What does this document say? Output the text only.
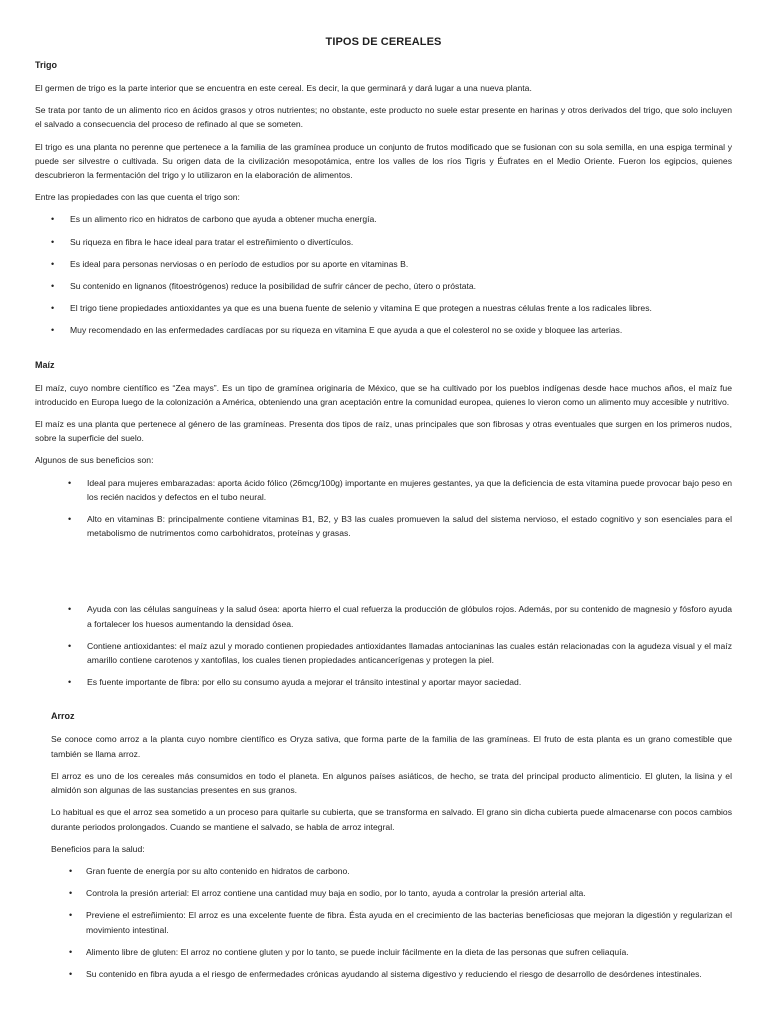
TIPOS DE CEREALES
Trigo

El germen de trigo es la parte interior que se encuentra en este cereal. Es decir, la que germinará y dará lugar a una nueva planta.

Se trata por tanto de un alimento rico en ácidos grasos y otros nutrientes; no obstante, este producto no suele estar presente en harinas y otros derivados del trigo, que solo incluyen el salvado a consecuencia del proceso de refinado al que se someten.

El trigo es una planta no perenne que pertenece a la familia de las gramínea produce un conjunto de frutos modificado que se fusionan con su sola semilla, en una espiga terminal y puede ser silvestre o cultivada. Su origen data de la civilización mesopotámica, entre los valles de los ríos Tigris y Éufrates en el Medio Oriente. Fueron los egipcios, quienes descubrieron la fermentación del trigo y lo utilizaron en la elaboración de alimentos.

Entre las propiedades con las que cuenta el trigo son:

• Es un alimento rico en hidratos de carbono que ayuda a obtener mucha energía.
• Su riqueza en fibra le hace ideal para tratar el estreñimiento o divertículos.
• Es ideal para personas nerviosas o en período de estudios por su aporte en vitaminas B.
• Su contenido en lignanos (fitoestrógenos) reduce la posibilidad de sufrir cáncer de pecho, útero o próstata.
• El trigo tiene propiedades antioxidantes ya que es una buena fuente de selenio y vitamina E que protegen a nuestras células frente a los radicales libres.
• Muy recomendado en las enfermedades cardíacas por su riqueza en vitamina E que ayuda a que el colesterol no se oxide y bloquee las arterias.
Maíz

El maíz, cuyo nombre científico es “Zea mays”. Es un tipo de gramínea originaria de México, que se ha cultivado por los pueblos indígenas desde hace muchos años, el maíz fue introducido en Europa luego de la colonización a América, obteniendo una gran aceptación entre la comunidad europea, quienes lo vieron como un alimento muy accesible y nutritivo.

El maíz es una planta que pertenece al género de las gramíneas. Presenta dos tipos de raíz, unas principales que son fibrosas y otras eventuales que surgen en los primeros nudos, sobre la superficie del suelo.

Algunos de sus beneficios son:

• Ideal para mujeres embarazadas: aporta ácido fólico (26mcg/100g) importante en mujeres gestantes, ya que la deficiencia de esta vitamina puede provocar bajo peso en los recién nacidos y defectos en el tubo neural.
• Alto en vitaminas B: principalmente contiene vitaminas B1, B2, y B3 las cuales promueven la salud del sistema nervioso, el estado cognitivo y son esenciales para el metabolismo de nutrimentos como carbohidratos, proteínas y grasas.
• Ayuda con las células sanguíneas y la salud ósea: aporta hierro el cual refuerza la producción de glóbulos rojos. Además, por su contenido de magnesio y fósforo ayuda a fortalecer los huesos aumentando la densidad ósea.
• Contiene antioxidantes: el maíz azul y morado contienen propiedades antioxidantes llamadas antocianinas las cuales están relacionadas con la agudeza visual y el maíz amarillo contiene carotenos y xantofilas, los cuales tienen propiedades anticancerígenas y protegen la piel.
• Es fuente importante de fibra: por ello su consumo ayuda a mejorar el tránsito intestinal y aportar mayor saciedad.
Arroz

Se conoce como arroz a la planta cuyo nombre científico es Oryza sativa, que forma parte de la familia de las gramíneas. El fruto de esta planta es un grano comestible que también se llama arroz.

El arroz es uno de los cereales más consumidos en todo el planeta. En algunos países asiáticos, de hecho, se trata del principal producto alimenticio. El gluten, la lisina y el almidón son algunas de las sustancias presentes en sus granos.

Lo habitual es que el arroz sea sometido a un proceso para quitarle su cubierta, que se transforma en salvado. El grano sin dicha cubierta puede almacenarse con pocos cambios durante periodos prolongados. Cuando se mantiene el salvado, se habla de arroz integral.

Beneficios para la salud:

• Gran fuente de energía por su alto contenido en hidratos de carbono.
• Controla la presión arterial: El arroz contiene una cantidad muy baja en sodio, por lo tanto, ayuda a controlar la presión arterial alta.
• Previene el estreñimiento: El arroz es una excelente fuente de fibra. Ésta ayuda en el crecimiento de las bacterias beneficiosas que mejoran la digestión y regularizan el movimiento intestinal.
• Alimento libre de gluten: El arroz no contiene gluten y por lo tanto, se puede incluir fácilmente en la dieta de las personas que sufren celiaquía.
• Su contenido en fibra ayuda a el riesgo de enfermedades crónicas ayudando al sistema digestivo y reduciendo el riesgo de desarrollo de desórdenes intestinales.
